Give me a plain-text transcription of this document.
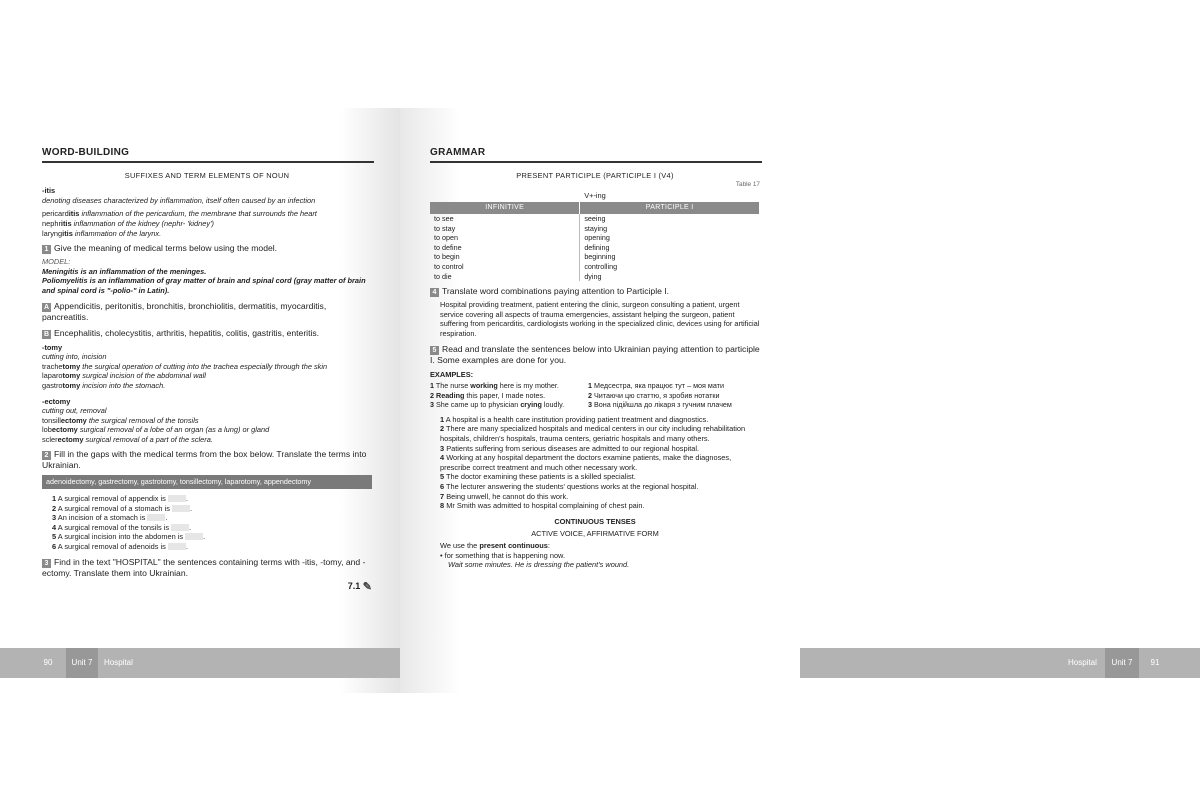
WORD-BUILDING
SUFFIXES AND TERM ELEMENTS OF NOUN
-itis
denoting diseases characterized by inflammation, itself often caused by an infection
pericarditis inflammation of the pericardium, the membrane that surrounds the heart
nephritis inflammation of the kidney (nephr- 'kidney')
laryngitis inflammation of the larynx.
1 Give the meaning of medical terms below using the model.
MODEL:
Meningitis is an inflammation of the meninges.
Poliomyelitis is an inflammation of gray matter of brain and spinal cord (gray matter of brain and spinal cord is "-polio-" in Latin).
A Appendicitis, peritonitis, bronchitis, bronchiolitis, dermatitis, myocarditis, pancreatitis.
B Encephalitis, cholecystitis, arthritis, hepatitis, colitis, gastritis, enteritis.
-tomy
cutting into, incision
trachetomy the surgical operation of cutting into the trachea especially through the skin
laparotomy surgical incision of the abdominal wall
gastrotomy incision into the stomach.
-ectomy
cutting out, removal
tonsillectomy the surgical removal of the tonsils
lobectomy surgical removal of a lobe of an organ (as a lung) or gland
sclerectomy surgical removal of a part of the sclera.
2 Fill in the gaps with the medical terms from the box below. Translate the terms into Ukrainian.
adenoidectomy, gastrectomy, gastrotomy, tonsillectomy, laparotomy, appendectomy
1 A surgical removal of appendix is .
2 A surgical removal of a stomach is .
3 An incision of a stomach is .
4 A surgical removal of the tonsils is .
5 A surgical incision into the abdomen is .
6 A surgical removal of adenoids is .
3 Find in the text "HOSPITAL" the sentences containing terms with -itis, -tomy, and -ectomy. Translate them into Ukrainian.
7.1 ✎
90	Unit 7	Hospital
GRAMMAR
PRESENT PARTICIPLE (PARTICIPLE I (V4)
Table 17
V+-ing
INFINITIVE	PARTICIPLE I
to see	seeing
to stay	staying
to open	opening
to define	defining
to begin	beginning
to control	controlling
to die	dying
4 Translate word combinations paying attention to Participle I.
Hospital providing treatment, patient entering the clinic, surgeon consulting a patient, urgent service covering all aspects of trauma emergencies, assistant helping the surgeon, patient suffering from pericarditis, cardiologists working in the specialized clinic, devices using for artificial respiration.
5 Read and translate the sentences below into Ukrainian paying attention to participle I. Some examples are done for you.
EXAMPLES:
1 The nurse working here is my mother.	1 Медсестра, яка працює тут – моя мати
2 Reading this paper, I made notes.	2 Читаючи цю статтю, я зробив нотатки
3 She came up to physician crying loudly.	3 Вона підійшла до лікаря з гучним плачем
1 A hospital is a health care institution providing patient treatment and diagnostics.
2 There are many specialized hospitals and medical centers in our city including rehabilitation hospitals, children's hospitals, trauma centers, geriatric hospitals and many others.
3 Patients suffering from serious diseases are admitted to our regional hospital.
4 Working at any hospital department the doctors examine patients, make the diagnoses, prescribe correct treatment and much other necessary work.
5 The doctor examining these patients is a skilled specialist.
6 The lecturer answering the students' questions works at the regional hospital.
7 Being unwell, he cannot do this work.
8 Mr Smith was admitted to hospital complaining of chest pain.
CONTINUOUS TENSES
ACTIVE VOICE, AFFIRMATIVE FORM
We use the present continuous:
• for something that is happening now.
Wait some minutes. He is dressing the patient's wound.
Hospital	Unit 7	91
